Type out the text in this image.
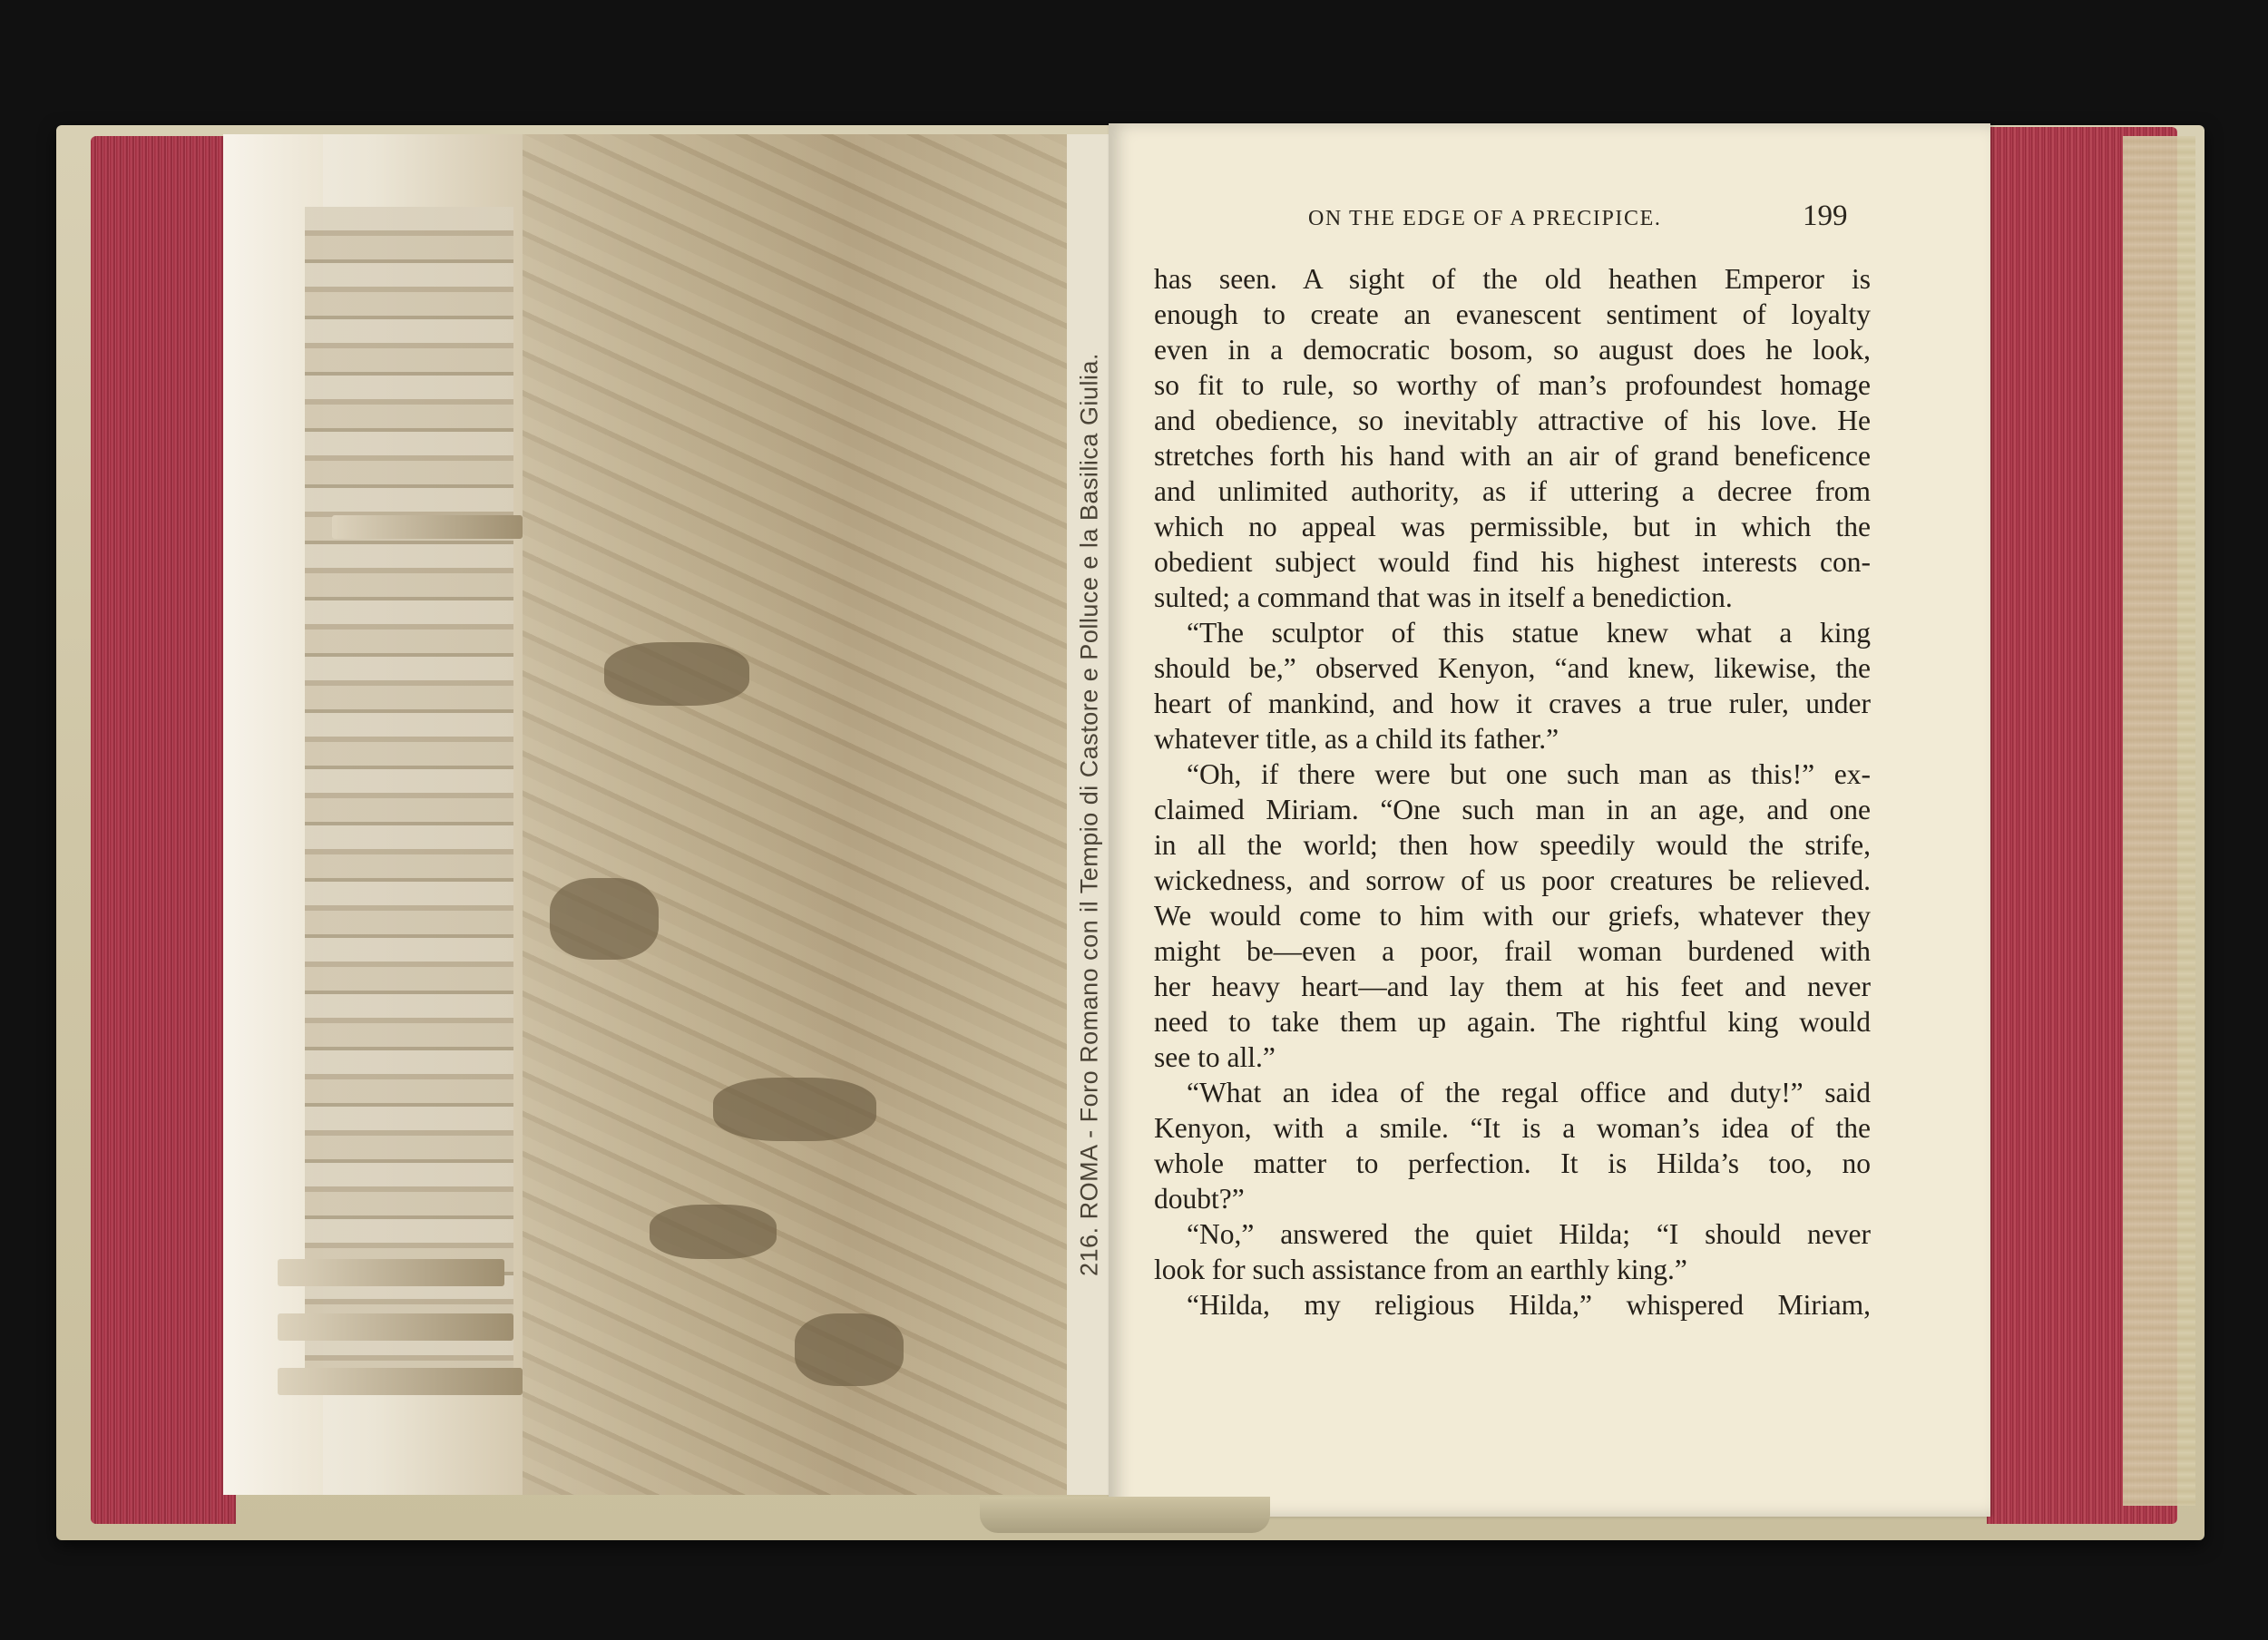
216. ROMA - Foro Romano con il Tempio di Castore e Polluce e la Basilica Giulia.
ON THE EDGE OF A PRECIPICE.	199
has seen. A sight of the old heathen Emperor is
enough to create an evanescent sentiment of loyalty
even in a democratic bosom, so august does he look,
so fit to rule, so worthy of man’s profoundest homage
and obedience, so inevitably attractive of his love. He
stretches forth his hand with an air of grand beneficence
and unlimited authority, as if uttering a decree from
which no appeal was permissible, but in which the
obedient subject would find his highest interests con-
sulted; a command that was in itself a benediction.
“The sculptor of this statue knew what a king
should be,” observed Kenyon, “and knew, likewise, the
heart of mankind, and how it craves a true ruler, under
whatever title, as a child its father.”
“Oh, if there were but one such man as this!” ex-
claimed Miriam. “One such man in an age, and one
in all the world; then how speedily would the strife,
wickedness, and sorrow of us poor creatures be relieved.
We would come to him with our griefs, whatever they
might be—even a poor, frail woman burdened with
her heavy heart—and lay them at his feet and never
need to take them up again. The rightful king would
see to all.”
“What an idea of the regal office and duty!” said
Kenyon, with a smile. “It is a woman’s idea of the
whole matter to perfection. It is Hilda’s too, no
doubt?”
“No,” answered the quiet Hilda; “I should never
look for such assistance from an earthly king.”
“Hilda, my religious Hilda,” whispered Miriam,
